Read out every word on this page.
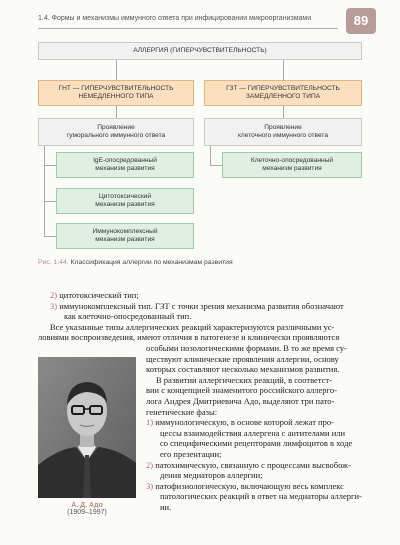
1.4. Формы и механизмы иммунного ответа при инфицировании микроорганизмами	89
АЛЛЕРГИЯ (ГИПЕРЧУВСТВИТЕЛЬНОСТЬ)
ГНТ — ГИПЕРЧУВСТВИТЕЛЬНОСТЬ
НЕМЕДЛЕННОГО ТИПА
ГЗТ — ГИПЕРЧУВСТВИТЕЛЬНОСТЬ
ЗАМЕДЛЕННОГО ТИПА
Проявление
гуморального иммунного ответа
Проявление
клеточного иммунного ответа
IgE-опосредованный
механизм развития
Цитотоксический
механизм развития
Иммунокомплексный
механизм развития
Клеточно-опосредованный
механизм развития
Рис. 1.44. Классификация аллергии по механизмам развития
2) цитотоксический тип;
3) иммунокомплексный тип. ГЗТ с точки зрения механизма развития обозначают
как клеточно-опосредованный тип.
Все указанные типы аллергических реакций характеризуются различными ус-
ловиями воспроизведения, имеют отличия в патогенезе и клинически проявляются
особыми нозологическими формами. В то же время су-
ществуют клинические проявления аллергии, основу
которых составляют несколько механизмов развития.
В развитии аллергических реакций, в соответст-
вии с концепцией знаменитого российского аллерго-
лога Андрея Дмитриевича Адо, выделяют три пато-
генетические фазы:
1) иммунологическую, в основе которой лежат про-
цессы взаимодействия аллергена с антителами или
со специфическими рецепторами лимфоцитов в ходе
его презентации;
2) патохимическую, связанную с процессами высвобож-
дения медиаторов аллергии;
3) патофизиологическую, включающую весь комплекс
патологических реакций в ответ на медиаторы аллерги-
ии.
А. Д. Адо
(1909–1997)
